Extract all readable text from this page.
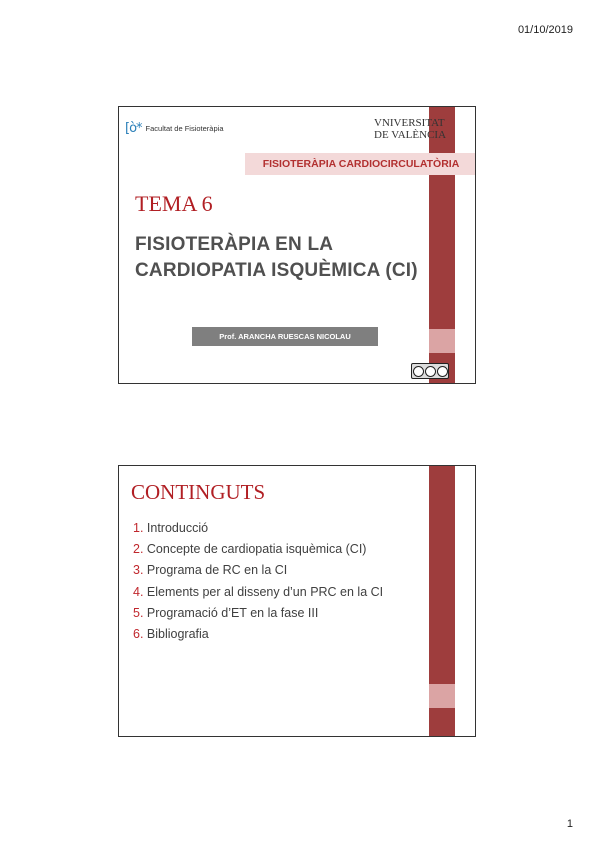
01/10/2019
[ò* Facultat de Fisioteràpia	VNIVERSITAT
DE VALÈNCIA
FISIOTERÀPIA CARDIOCIRCULATÒRIA
TEMA 6
FISIOTERÀPIA EN LA
CARDIOPATIA ISQUÈMICA (CI)
Prof. ARANCHA RUESCAS NICOLAU
CONTINGUTS
1. Introducció
2. Concepte de cardiopatia isquèmica (CI)
3. Programa de RC en la CI
4. Elements per al disseny d’un PRC en la CI
5. Programació d’ET en la fase III
6. Bibliografia
1
